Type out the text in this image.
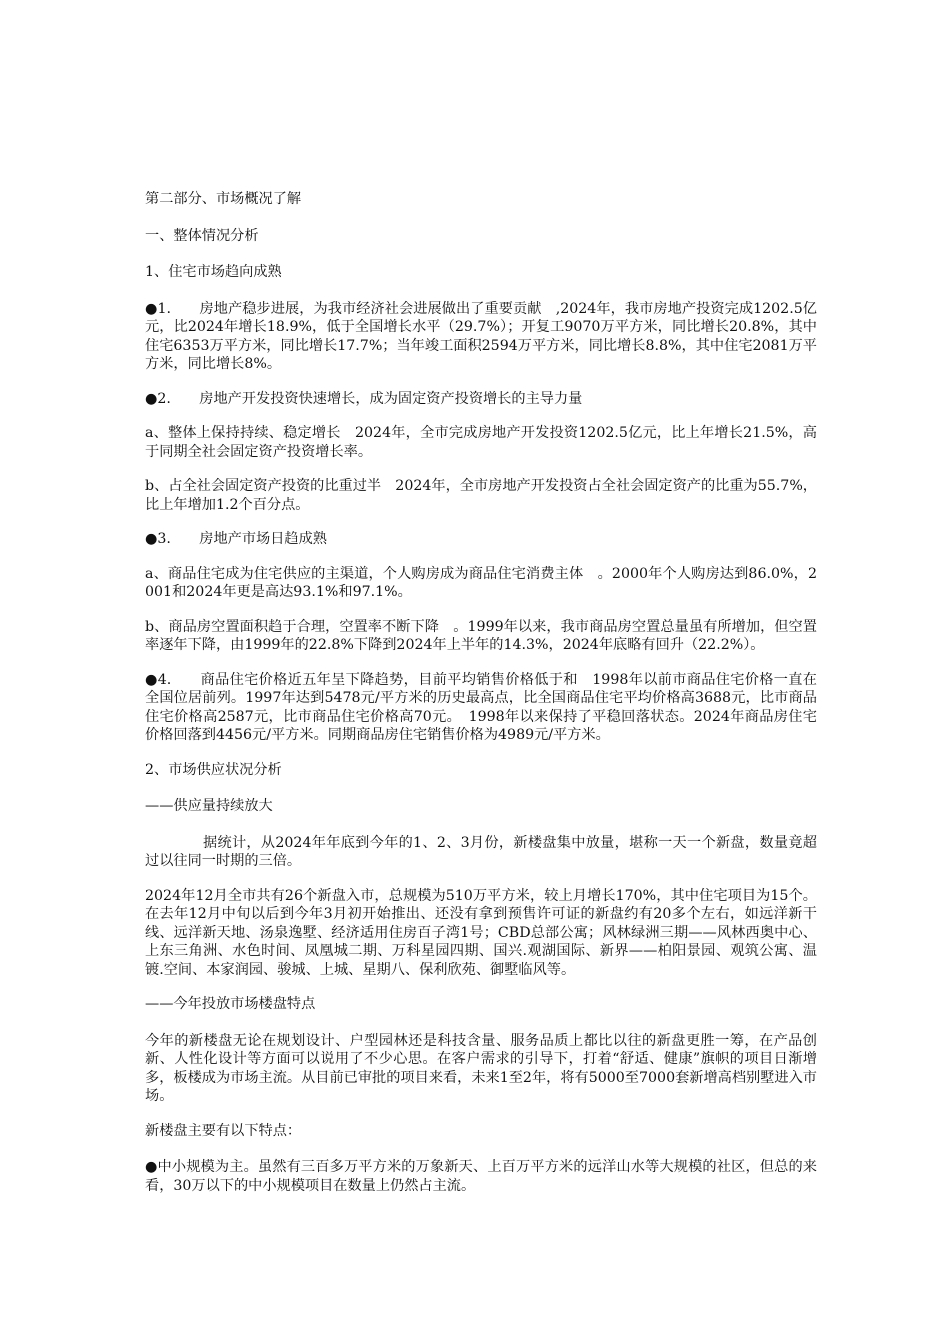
第二部分、市场概况了解

一、整体情况分析

1、住宅市场趋向成熟

●1.　　房地产稳步进展，为我市经济社会进展做出了重要贡献　,2024年，我市房地产投资完成1202.5亿元，比2024年增长18.9%，低于全国增长水平（29.7%）；开复工9070万平方米，同比增长20.8%，其中住宅6353万平方米，同比增长17.7%；当年竣工面积2594万平方米，同比增长8.8%，其中住宅2081万平方米，同比增长8%。

●2.　　房地产开发投资快速增长，成为固定资产投资增长的主导力量

a、整体上保持持续、稳定增长　2024年，全市完成房地产开发投资1202.5亿元，比上年增长21.5%，高于同期全社会固定资产投资增长率。

b、占全社会固定资产投资的比重过半　2024年，全市房地产开发投资占全社会固定资产的比重为55.7%，比上年增加1.2个百分点。

●3.　　房地产市场日趋成熟

a、商品住宅成为住宅供应的主渠道，个人购房成为商品住宅消费主体　。2000年个人购房达到86.0%，2001和2024年更是高达93.1%和97.1%。

b、商品房空置面积趋于合理，空置率不断下降　。1999年以来，我市商品房空置总量虽有所增加，但空置率逐年下降，由1999年的22.8%下降到2024年上半年的14.3%，2024年底略有回升（22.2%）。

●4.　　商品住宅价格近五年呈下降趋势，目前平均销售价格低于和　1998年以前市商品住宅价格一直在全国位居前列。1997年达到5478元/平方米的历史最高点，比全国商品住宅平均价格高3688元，比市商品住宅价格高2587元，比市商品住宅价格高70元。　1998年以来保持了平稳回落状态。2024年商品房住宅价格回落到4456元/平方米。同期商品房住宅销售价格为4989元/平方米。

2、市场供应状况分析

——供应量持续放大

据统计，从2024年年底到今年的1、2、3月份，新楼盘集中放量，堪称一天一个新盘，数量竟超过以往同一时期的三倍。

2024年12月全市共有26个新盘入市，总规模为510万平方米，较上月增长170%，其中住宅项目为15个。在去年12月中旬以后到今年3月初开始推出、还没有拿到预售许可证的新盘约有20多个左右，如远洋新干线、远洋新天地、汤泉逸墅、经济适用住房百子湾1号；CBD总部公寓；风林绿洲三期——风林西奥中心、上东三角洲、水色时间、凤凰城二期、万科星园四期、国兴.观湖国际、新界——柏阳景园、观筑公寓、温镀.空间、本家润园、骏城、上城、星期八、保利欣苑、御墅临风等。

——今年投放市场楼盘特点

今年的新楼盘无论在规划设计、户型园林还是科技含量、服务品质上都比以往的新盘更胜一筹，在产品创新、人性化设计等方面可以说用了不少心思。在客户需求的引导下，打着“舒适、健康”旗帜的项目日渐增多，板楼成为市场主流。从目前已审批的项目来看，未来1至2年，将有5000至7000套新增高档别墅进入市场。

新楼盘主要有以下特点：

●中小规模为主。虽然有三百多万平方米的万象新天、上百万平方米的远洋山水等大规模的社区，但总的来看，30万以下的中小规模项目在数量上仍然占主流。
